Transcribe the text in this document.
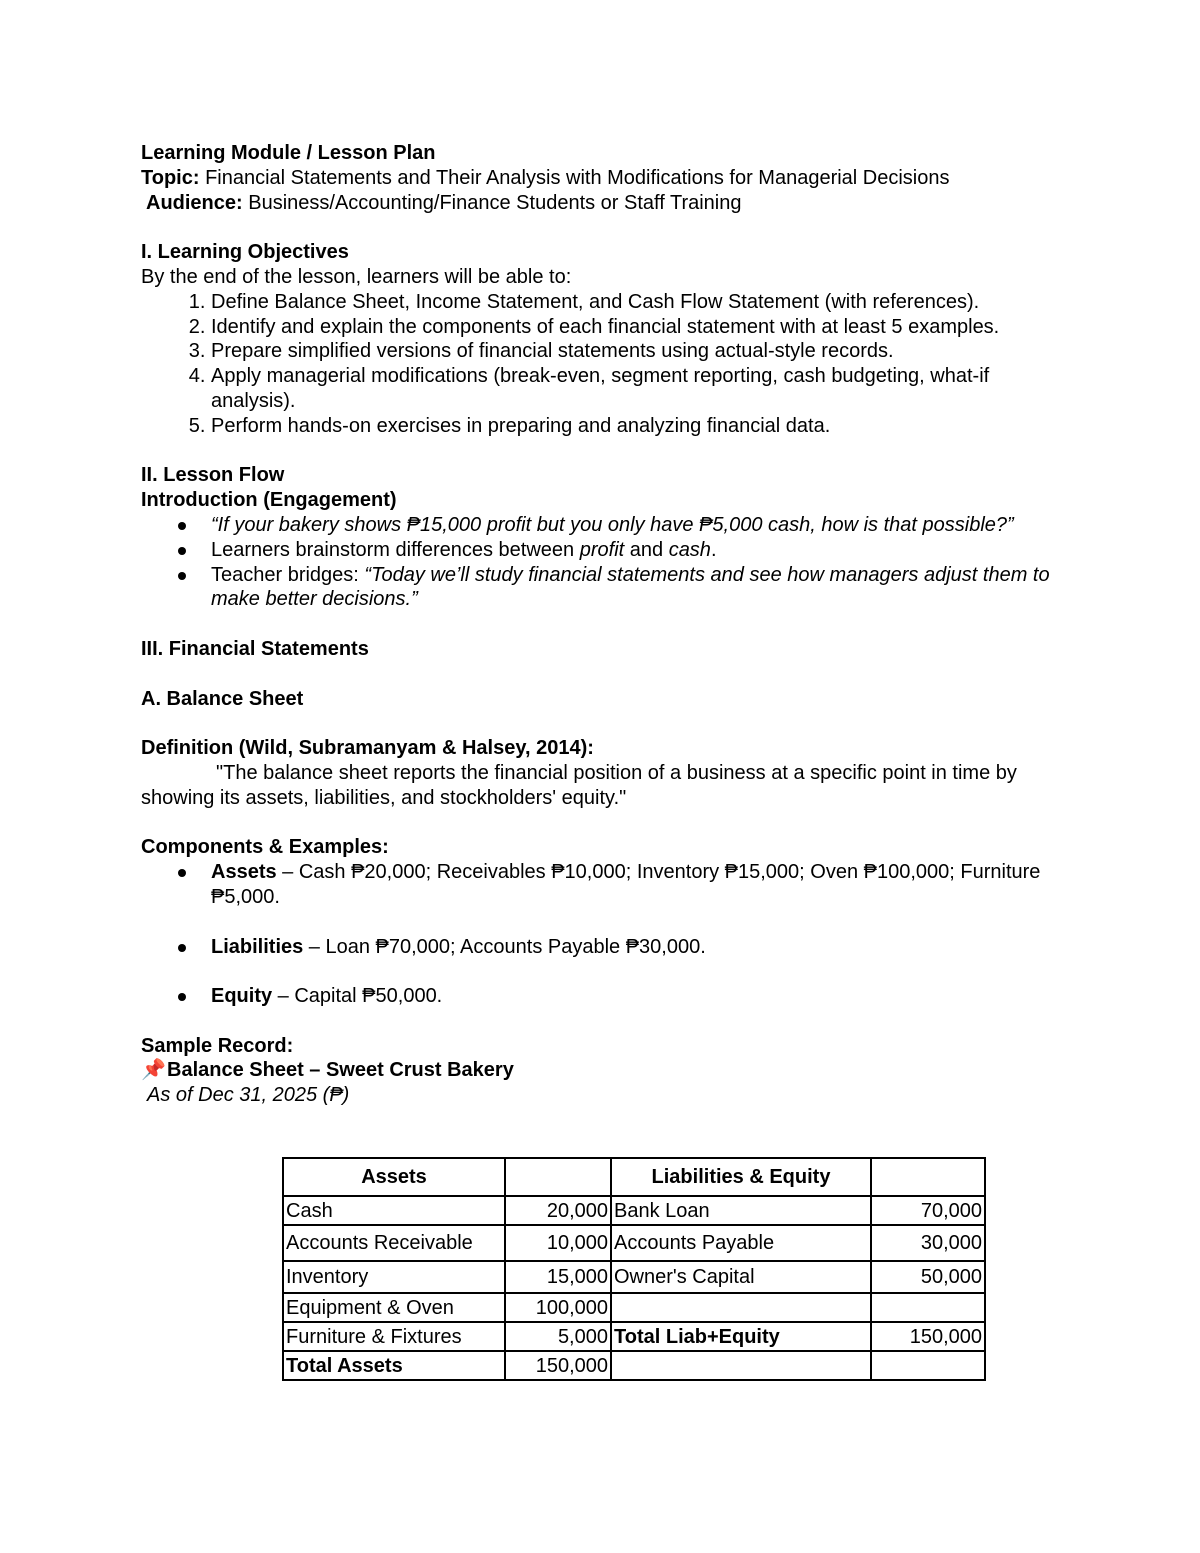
Learning Module / Lesson Plan

Topic: Financial Statements and Their Analysis with Modifications for Managerial Decisions

Audience: Business/Accounting/Finance Students or Staff Training

I. Learning Objectives

By the end of the lesson, learners will be able to:

1. Define Balance Sheet, Income Statement, and Cash Flow Statement (with references).
2. Identify and explain the components of each financial statement with at least 5 examples.
3. Prepare simplified versions of financial statements using actual-style records.
4. Apply managerial modifications (break-even, segment reporting, cash budgeting, what-if analysis).
5. Perform hands-on exercises in preparing and analyzing financial data.

II. Lesson Flow

Introduction (Engagement)

“If your bakery shows ₱15,000 profit but you only have ₱5,000 cash, how is that possible?”
Learners brainstorm differences between profit and cash.
Teacher bridges: “Today we’ll study financial statements and see how managers adjust them to make better decisions.”

III. Financial Statements

A. Balance Sheet

Definition (Wild, Subramanyam & Halsey, 2014):

"The balance sheet reports the financial position of a business at a specific point in time by showing its assets, liabilities, and stockholders' equity."

Components & Examples:

Assets – Cash ₱20,000; Receivables ₱10,000; Inventory ₱15,000; Oven ₱100,000; Furniture ₱5,000.
Liabilities – Loan ₱70,000; Accounts Payable ₱30,000.
Equity – Capital ₱50,000.

Sample Record:

📌Balance Sheet – Sweet Crust Bakery

As of Dec 31, 2025 (₱)

Assets		Liabilities & Equity	
Cash	20,000	Bank Loan	70,000
Accounts Receivable	10,000	Accounts Payable	30,000
Inventory	15,000	Owner's Capital	50,000
Equipment & Oven	100,000		
Furniture & Fixtures	5,000	Total Liab+Equity	150,000
Total Assets	150,000		
